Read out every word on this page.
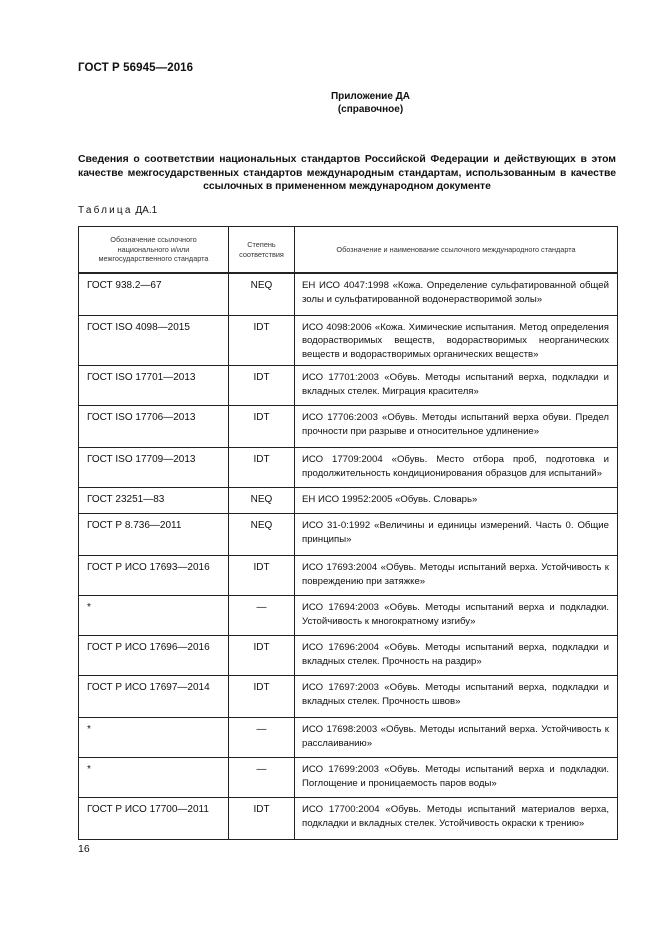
ГОСТ Р 56945—2016
Приложение ДА
(справочное)
Сведения о соответствии национальных стандартов Российской Федерации и действующих в этом качестве межгосударственных стандартов международным стандартам, использованным в качестве ссылочных в примененном международном документе
Таблица ДА.1
Обозначение ссылочного национального и/или межгосударственного стандарта	Степень соответствия	Обозначение и наименование ссылочного международного стандарта

ГОСТ 938.2—67	NEQ	ЕН ИСО 4047:1998 «Кожа. Определение сульфатированной общей золы и сульфатированной водонерастворимой золы»

ГОСТ ISO 4098—2015	IDT	ИСО 4098:2006 «Кожа. Химические испытания. Метод определения водорастворимых веществ, водорастворимых неорганических веществ и водорастворимых органических веществ»

ГОСТ ISO 17701—2013	IDT	ИСО 17701:2003 «Обувь. Методы испытаний верха, подкладки и вкладных стелек. Миграция красителя»

ГОСТ ISO 17706—2013	IDT	ИСО 17706:2003 «Обувь. Методы испытаний верха обуви. Предел прочности при разрыве и относительное удлинение»

ГОСТ ISO 17709—2013	IDT	ИСО 17709:2004 «Обувь. Место отбора проб, подготовка и продолжительность кондиционирования образцов для испытаний»

ГОСТ 23251—83	NEQ	ЕН ИСО 19952:2005 «Обувь. Словарь»

ГОСТ Р 8.736—2011	NEQ	ИСО 31-0:1992 «Величины и единицы измерений. Часть 0. Общие принципы»

ГОСТ Р ИСО 17693—2016	IDT	ИСО 17693:2004 «Обувь. Методы испытаний верха. Устойчивость к повреждению при затяжке»

*	—	ИСО 17694:2003 «Обувь. Методы испытаний верха и подкладки. Устойчивость к многократному изгибу»

ГОСТ Р ИСО 17696—2016	IDT	ИСО 17696:2004 «Обувь. Методы испытаний верха, подкладки и вкладных стелек. Прочность на раздир»

ГОСТ Р ИСО 17697—2014	IDT	ИСО 17697:2003 «Обувь. Методы испытаний верха, подкладки и вкладных стелек. Прочность швов»

*	—	ИСО 17698:2003 «Обувь. Методы испытаний верха. Устойчивость к расслаиванию»

*	—	ИСО 17699:2003 «Обувь. Методы испытаний верха и подкладки. Поглощение и проницаемость паров воды»

ГОСТ Р ИСО 17700—2011	IDT	ИСО 17700:2004 «Обувь. Методы испытаний материалов верха, подкладки и вкладных стелек. Устойчивость окраски к трению»
16
